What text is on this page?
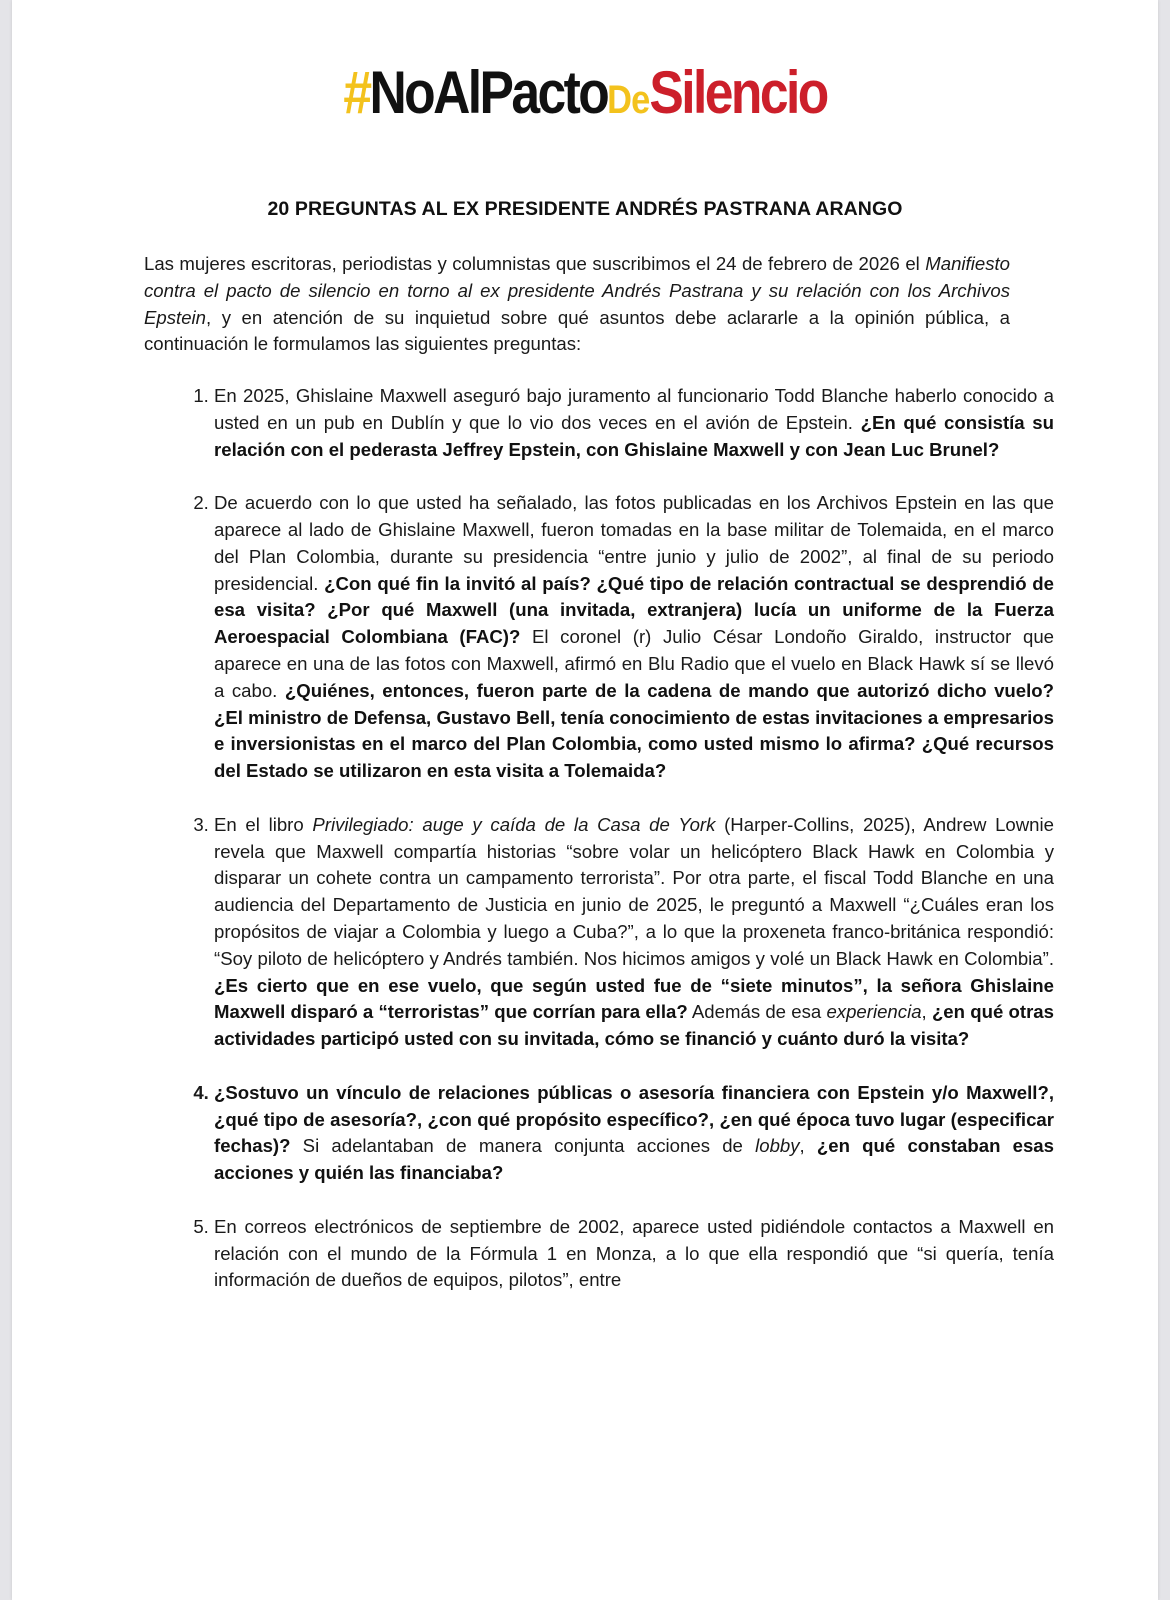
#NoAlPactoDeSilencio
20 PREGUNTAS AL EX PRESIDENTE ANDRÉS PASTRANA ARANGO

Las mujeres escritoras, periodistas y columnistas que suscribimos el 24 de febrero de 2026 el Manifiesto contra el pacto de silencio en torno al ex presidente Andrés Pastrana y su relación con los Archivos Epstein, y en atención de su inquietud sobre qué asuntos debe aclararle a la opinión pública, a continuación le formulamos las siguientes preguntas:

1. En 2025, Ghislaine Maxwell aseguró bajo juramento al funcionario Todd Blanche haberlo conocido a usted en un pub en Dublín y que lo vio dos veces en el avión de Epstein. ¿En qué consistía su relación con el pederasta Jeffrey Epstein, con Ghislaine Maxwell y con Jean Luc Brunel?
2. De acuerdo con lo que usted ha señalado, las fotos publicadas en los Archivos Epstein en las que aparece al lado de Ghislaine Maxwell, fueron tomadas en la base militar de Tolemaida, en el marco del Plan Colombia, durante su presidencia “entre junio y julio de 2002”, al final de su periodo presidencial. ¿Con qué fin la invitó al país? ¿Qué tipo de relación contractual se desprendió de esa visita? ¿Por qué Maxwell (una invitada, extranjera) lucía un uniforme de la Fuerza Aeroespacial Colombiana (FAC)? El coronel (r) Julio César Londoño Giraldo, instructor que aparece en una de las fotos con Maxwell, afirmó en Blu Radio que el vuelo en Black Hawk sí se llevó a cabo. ¿Quiénes, entonces, fueron parte de la cadena de mando que autorizó dicho vuelo? ¿El ministro de Defensa, Gustavo Bell, tenía conocimiento de estas invitaciones a empresarios e inversionistas en el marco del Plan Colombia, como usted mismo lo afirma? ¿Qué recursos del Estado se utilizaron en esta visita a Tolemaida?
3. En el libro Privilegiado: auge y caída de la Casa de York (Harper-Collins, 2025), Andrew Lownie revela que Maxwell compartía historias “sobre volar un helicóptero Black Hawk en Colombia y disparar un cohete contra un campamento terrorista”. Por otra parte, el fiscal Todd Blanche en una audiencia del Departamento de Justicia en junio de 2025, le preguntó a Maxwell “¿Cuáles eran los propósitos de viajar a Colombia y luego a Cuba?”, a lo que la proxeneta franco-británica respondió: “Soy piloto de helicóptero y Andrés también. Nos hicimos amigos y volé un Black Hawk en Colombia”. ¿Es cierto que en ese vuelo, que según usted fue de “siete minutos”, la señora Ghislaine Maxwell disparó a “terroristas” que corrían para ella? Además de esa experiencia, ¿en qué otras actividades participó usted con su invitada, cómo se financió y cuánto duró la visita?
4. ¿Sostuvo un vínculo de relaciones públicas o asesoría financiera con Epstein y/o Maxwell?, ¿qué tipo de asesoría?, ¿con qué propósito específico?, ¿en qué época tuvo lugar (especificar fechas)? Si adelantaban de manera conjunta acciones de lobby, ¿en qué constaban esas acciones y quién las financiaba?
5. En correos electrónicos de septiembre de 2002, aparece usted pidiéndole contactos a Maxwell en relación con el mundo de la Fórmula 1 en Monza, a lo que ella respondió que “si quería, tenía información de dueños de equipos, pilotos”, entre
